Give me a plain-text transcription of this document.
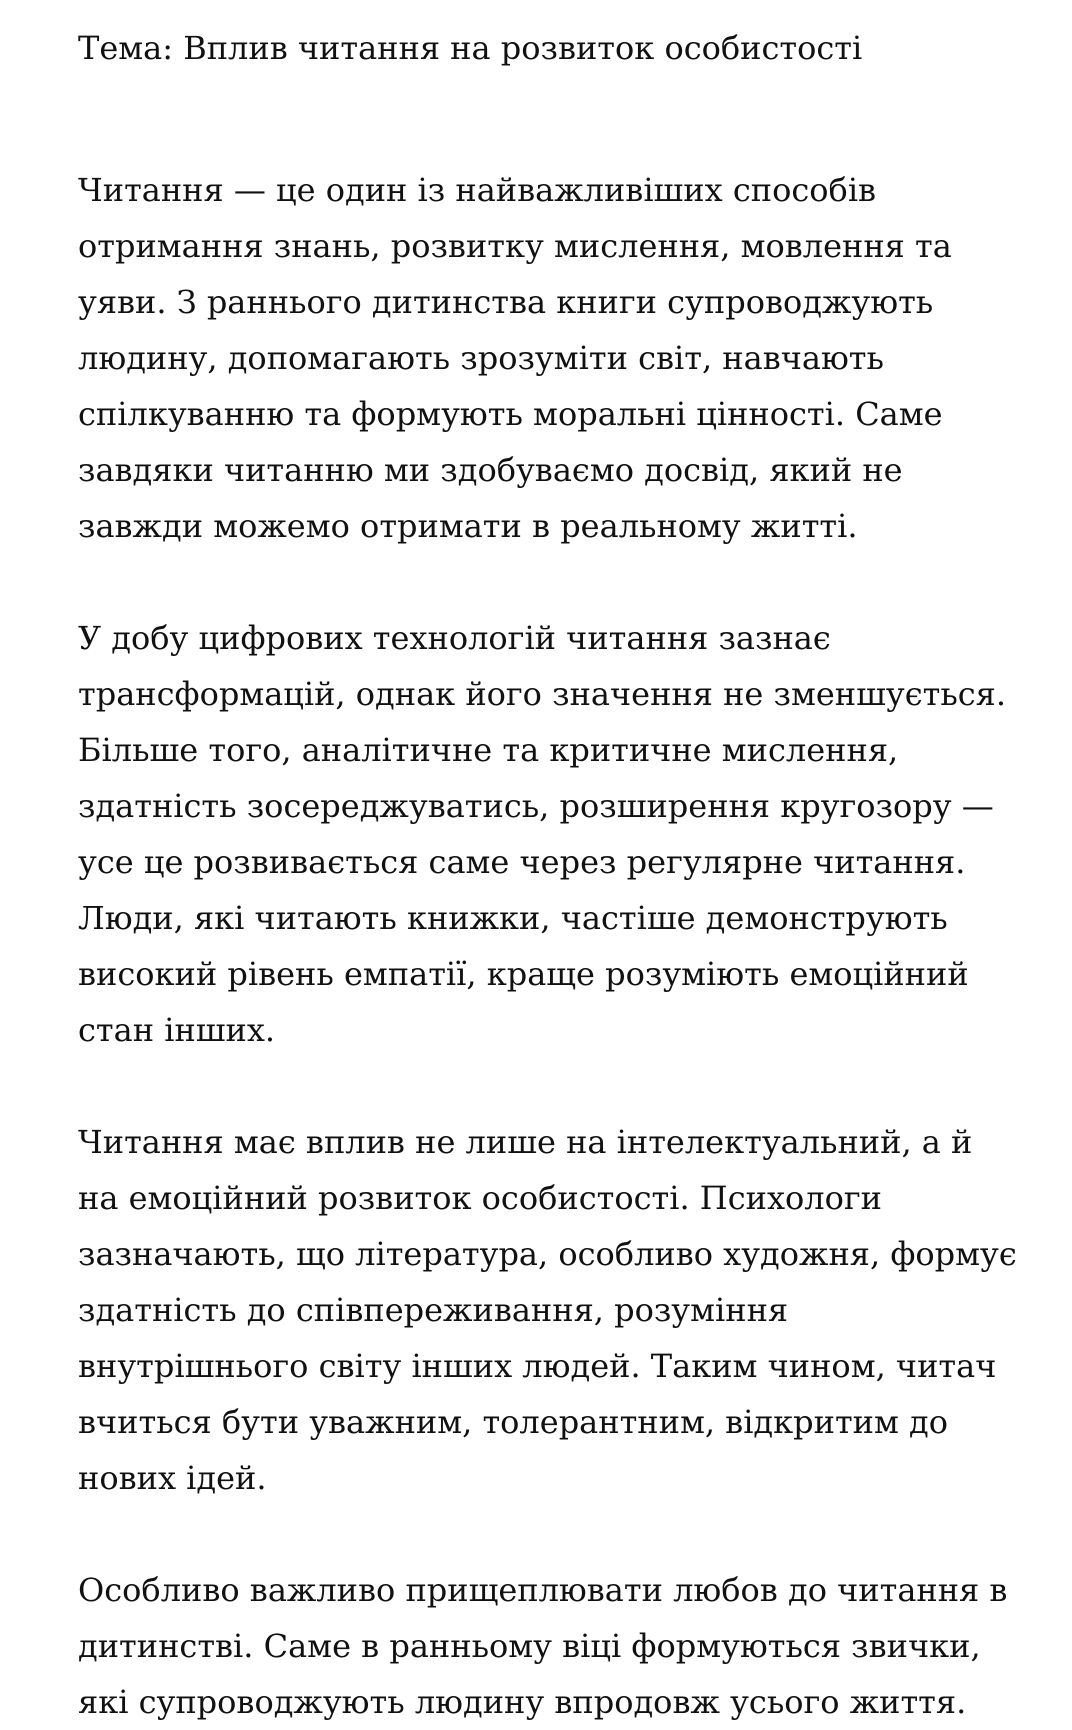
Тема: Вплив читання на розвиток особистості

Читання — це один із найважливіших способів
отримання знань, розвитку мислення, мовлення та
уяви. З раннього дитинства книги супроводжують
людину, допомагають зрозуміти світ, навчають
спілкуванню та формують моральні цінності. Саме
завдяки читанню ми здобуваємо досвід, який не
завжди можемо отримати в реальному житті.

У добу цифрових технологій читання зазнає
трансформацій, однак його значення не зменшується.
Більше того, аналітичне та критичне мислення,
здатність зосереджуватись, розширення кругозору —
усе це розвивається саме через регулярне читання.
Люди, які читають книжки, частіше демонструють
високий рівень емпатії, краще розуміють емоційний
стан інших.

Читання має вплив не лише на інтелектуальний, а й
на емоційний розвиток особистості. Психологи
зазначають, що література, особливо художня, формує
здатність до співпереживання, розуміння
внутрішнього світу інших людей. Таким чином, читач
вчиться бути уважним, толерантним, відкритим до
нових ідей.

Особливо важливо прищеплювати любов до читання в
дитинстві. Саме в ранньому віці формуються звички,
які супроводжують людину впродовж усього життя.
